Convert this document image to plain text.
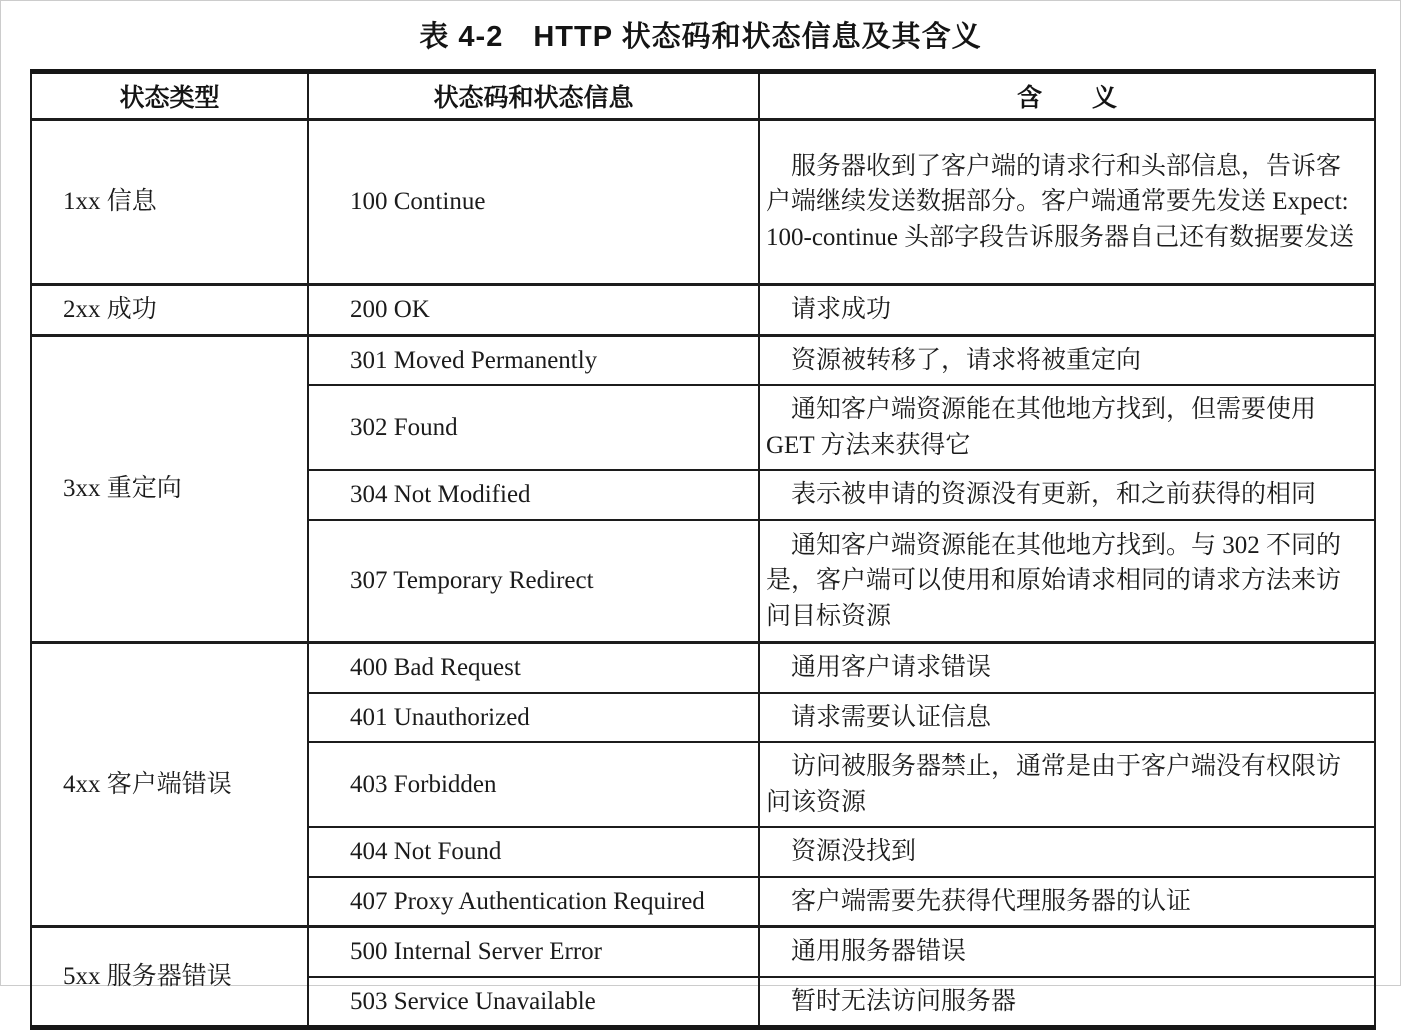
表 4-2　HTTP 状态码和状态信息及其含义
状态类型	状态码和状态信息	含　　义
1xx 信息	100 Continue	服务器收到了客户端的请求行和头部信息，告诉客户端继续发送数据部分。客户端通常要先发送 Expect: 100-continue 头部字段告诉服务器自己还有数据要发送
2xx 成功	200 OK	请求成功
3xx 重定向	301 Moved Permanently	资源被转移了，请求将被重定向
	302 Found	通知客户端资源能在其他地方找到，但需要使用 GET 方法来获得它
	304 Not Modified	表示被申请的资源没有更新，和之前获得的相同
	307 Temporary Redirect	通知客户端资源能在其他地方找到。与 302 不同的是，客户端可以使用和原始请求相同的请求方法来访问目标资源
4xx 客户端错误	400 Bad Request	通用客户请求错误
	401 Unauthorized	请求需要认证信息
	403 Forbidden	访问被服务器禁止，通常是由于客户端没有权限访问该资源
	404 Not Found	资源没找到
	407 Proxy Authentication Required	客户端需要先获得代理服务器的认证
5xx 服务器错误	500 Internal Server Error	通用服务器错误
	503 Service Unavailable	暂时无法访问服务器
